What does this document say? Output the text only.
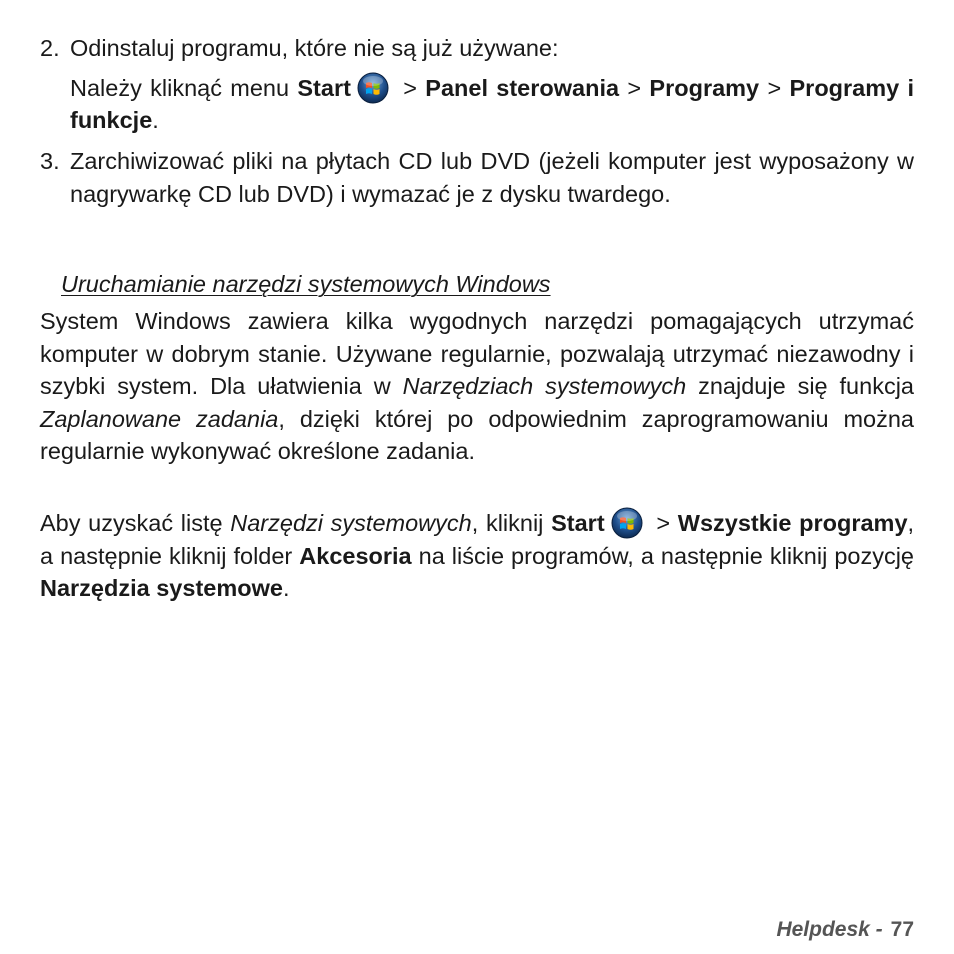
2. Odinstaluj programu, które nie są już używane:
Należy kliknąć menu Start > Panel sterowania > Programy > Programy i funkcje.
3. Zarchiwizować pliki na płytach CD lub DVD (jeżeli komputer jest wyposażony w nagrywarkę CD lub DVD) i wymazać je z dysku twardego.
Uruchamianie narzędzi systemowych Windows

System Windows zawiera kilka wygodnych narzędzi pomagających utrzymać komputer w dobrym stanie. Używane regularnie, pozwalają utrzymać niezawodny i szybki system. Dla ułatwienia w Narzędziach systemowych znajduje się funkcja Zaplanowane zadania, dzięki której po odpowiednim zaprogramowaniu można regularnie wykonywać określone zadania.

Aby uzyskać listę Narzędzi systemowych, kliknij Start > Wszystkie programy, a następnie kliknij folder Akcesoria na liście programów, a następnie kliknij pozycję Narzędzia systemowe.

Helpdesk - 77
